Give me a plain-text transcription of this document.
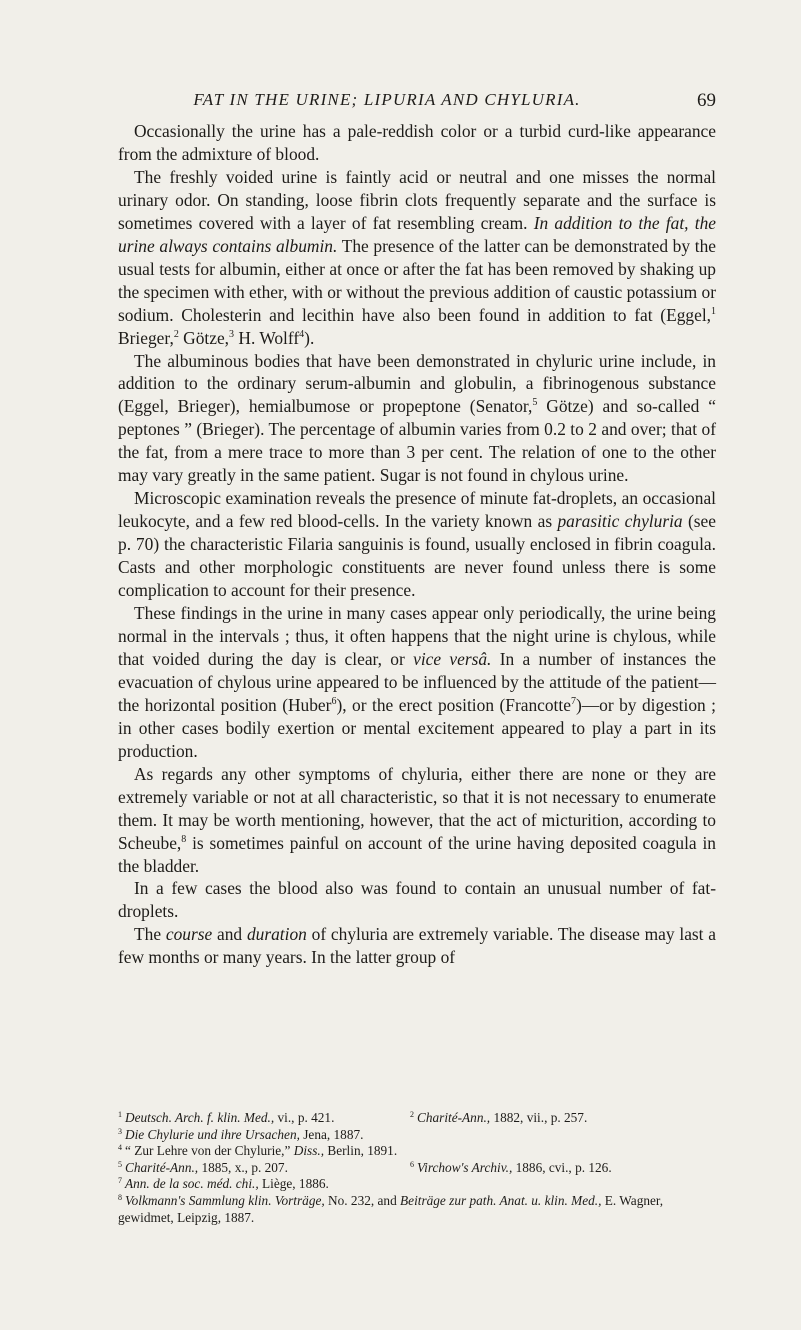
FAT IN THE URINE; LIPURIA AND CHYLURIA.	69

Occasionally the urine has a pale-reddish color or a turbid curd-like appearance from the admixture of blood.

The freshly voided urine is faintly acid or neutral and one misses the normal urinary odor. On standing, loose fibrin clots frequently separate and the surface is sometimes covered with a layer of fat resembling cream. In addition to the fat, the urine always contains albumin. The presence of the latter can be demonstrated by the usual tests for albumin, either at once or after the fat has been removed by shaking up the specimen with ether, with or without the previous addition of caustic potassium or sodium. Cholesterin and lecithin have also been found in addition to fat (Eggel,$^1$ Brieger,$^2$ Götze,$^3$ H. Wolff$^4$).

The albuminous bodies that have been demonstrated in chyluric urine include, in addition to the ordinary serum-albumin and globulin, a fibrinogenous substance (Eggel, Brieger), hemialbumose or propeptone (Senator,$^5$ Götze) and so-called “ peptones ” (Brieger). The percentage of albumin varies from 0.2 to 2 and over; that of the fat, from a mere trace to more than 3 per cent. The relation of one to the other may vary greatly in the same patient. Sugar is not found in chylous urine.

Microscopic examination reveals the presence of minute fat-droplets, an occasional leukocyte, and a few red blood-cells. In the variety known as parasitic chyluria (see p. 70) the characteristic Filaria sanguinis is found, usually enclosed in fibrin coagula. Casts and other morphologic constituents are never found unless there is some complication to account for their presence.

These findings in the urine in many cases appear only periodically, the urine being normal in the intervals ; thus, it often happens that the night urine is chylous, while that voided during the day is clear, or vice versâ. In a number of instances the evacuation of chylous urine appeared to be influenced by the attitude of the patient—the horizontal position (Huber$^6$), or the erect position (Francotte$^7$)—or by digestion ; in other cases bodily exertion or mental excitement appeared to play a part in its production.

As regards any other symptoms of chyluria, either there are none or they are extremely variable or not at all characteristic, so that it is not necessary to enumerate them. It may be worth mentioning, however, that the act of micturition, according to Scheube,$^8$ is sometimes painful on account of the urine having deposited coagula in the bladder.

In a few cases the blood also was found to contain an unusual number of fat-droplets.

The course and duration of chyluria are extremely variable. The disease may last a few months or many years. In the latter group of

$^1$ Deutsch. Arch. f. klin. Med., vi., p. 421.	$^2$ Charité-Ann., 1882, vii., p. 257.
$^3$ Die Chylurie und ihre Ursachen, Jena, 1887.
$^4$ “ Zur Lehre von der Chylurie,” Diss., Berlin, 1891.
$^5$ Charité-Ann., 1885, x., p. 207.	$^6$ Virchow's Archiv., 1886, cvi., p. 126.
$^7$ Ann. de la soc. méd. chi., Liège, 1886.
$^8$ Volkmann's Sammlung klin. Vorträge, No. 232, and Beiträge zur path. Anat. u. klin. Med., E. Wagner, gewidmet, Leipzig, 1887.
